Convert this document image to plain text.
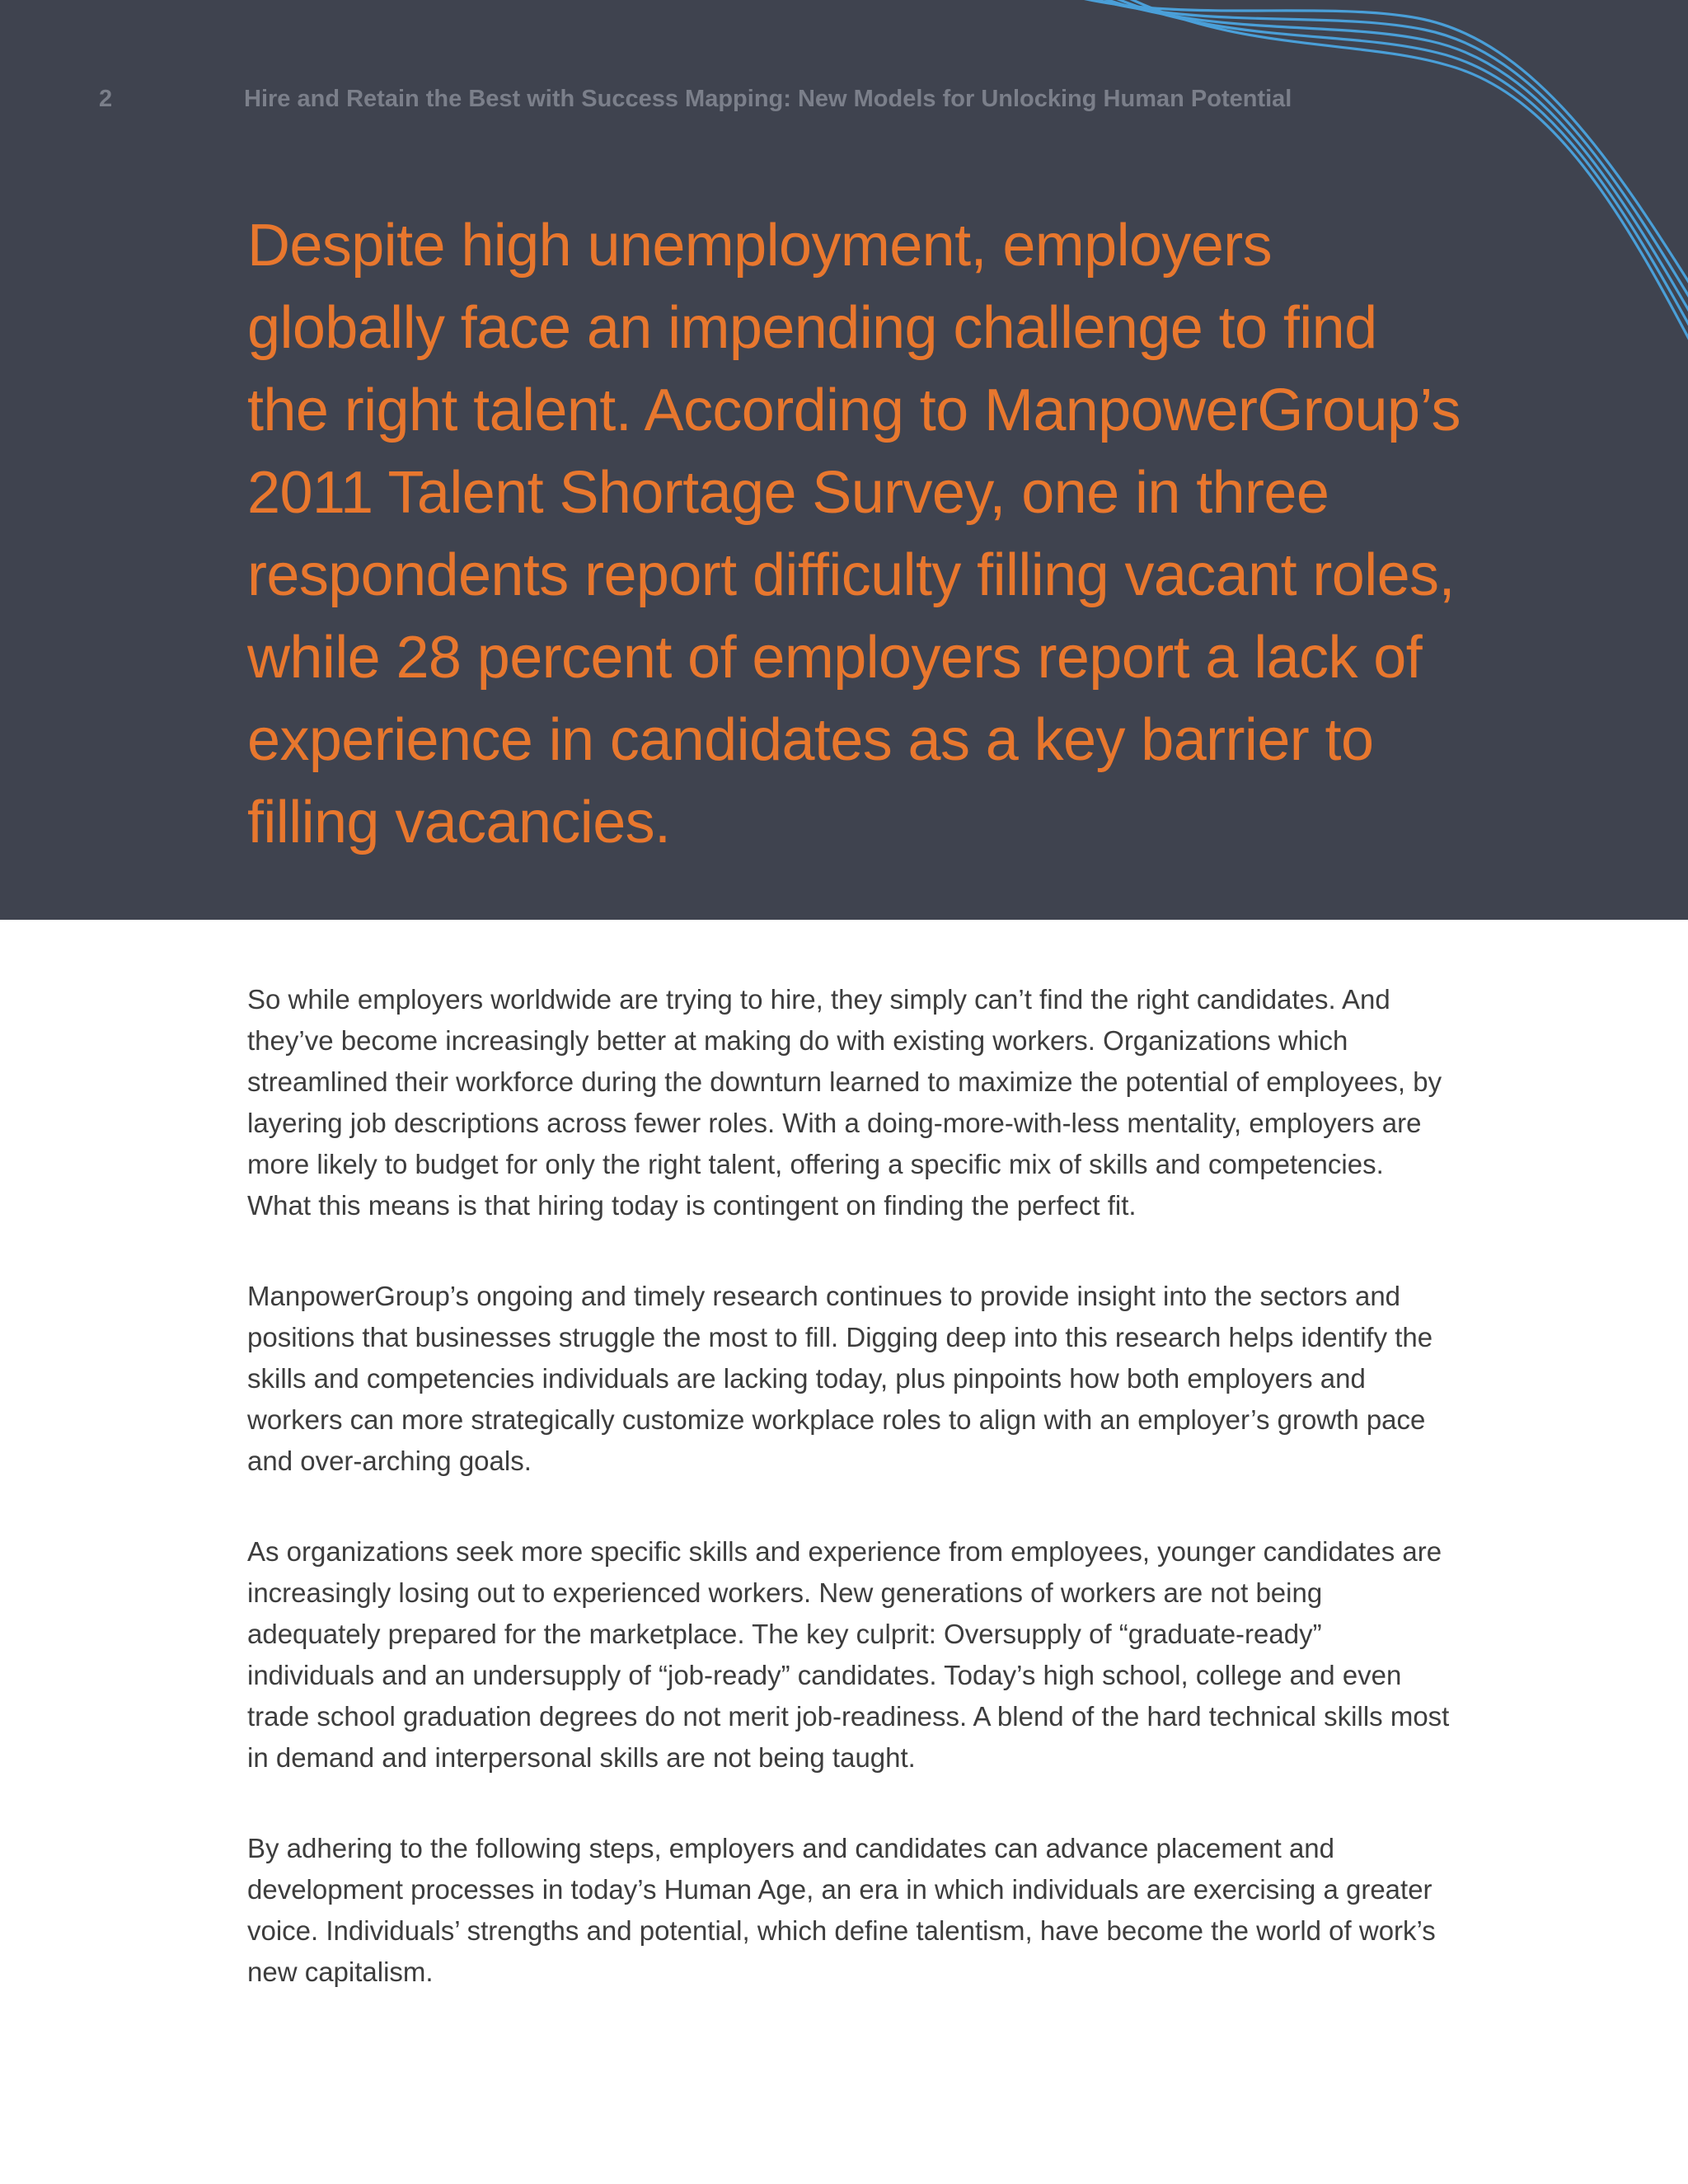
2	Hire and Retain the Best with Success Mapping: New Models for Unlocking Human Potential

Despite high unemployment, employers globally face an impending challenge to find the right talent. According to ManpowerGroup’s 2011 Talent Shortage Survey, one in three respondents report difficulty filling vacant roles, while 28 percent of employers report a lack of experience in candidates as a key barrier to filling vacancies.

So while employers worldwide are trying to hire, they simply can’t find the right candidates. And they’ve become increasingly better at making do with existing workers. Organizations which streamlined their workforce during the downturn learned to maximize the potential of employees, by layering job descriptions across fewer roles. With a doing-more-with-less mentality, employers are more likely to budget for only the right talent, offering a specific mix of skills and competencies. What this means is that hiring today is contingent on finding the perfect fit.

ManpowerGroup’s ongoing and timely research continues to provide insight into the sectors and positions that businesses struggle the most to fill. Digging deep into this research helps identify the skills and competencies individuals are lacking today, plus pinpoints how both employers and workers can more strategically customize workplace roles to align with an employer’s growth pace and over-arching goals.

As organizations seek more specific skills and experience from employees, younger candidates are increasingly losing out to experienced workers. New generations of workers are not being adequately prepared for the marketplace. The key culprit: Oversupply of “graduate-ready” individuals and an undersupply of “job-ready” candidates. Today’s high school, college and even trade school graduation degrees do not merit job-readiness. A blend of the hard technical skills most in demand and interpersonal skills are not being taught.

By adhering to the following steps, employers and candidates can advance placement and development processes in today’s Human Age, an era in which individuals are exercising a greater voice. Individuals’ strengths and potential, which define talentism, have become the world of work’s new capitalism.
